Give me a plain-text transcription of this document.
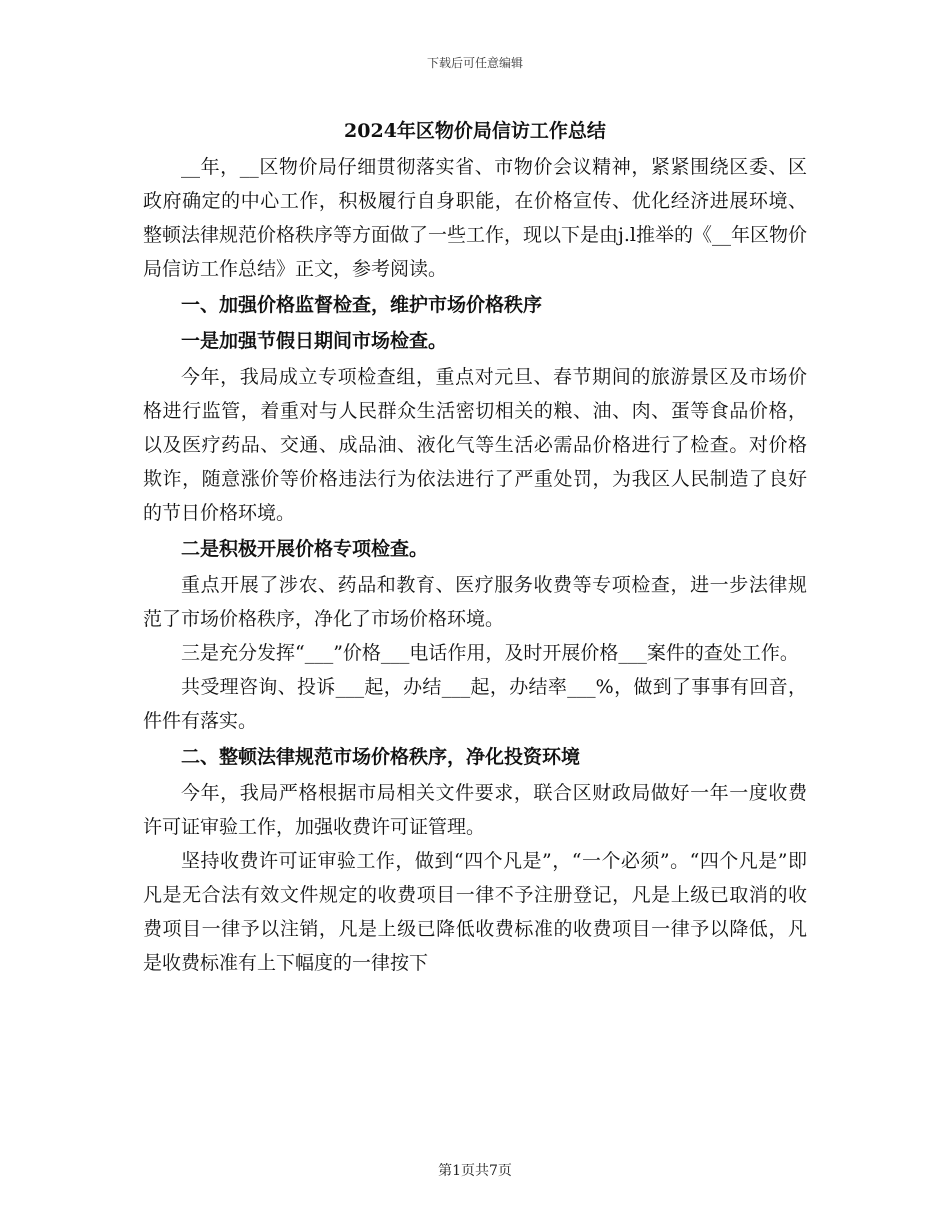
下载后可任意编辑
2024年区物价局信访工作总结

__年，__区物价局仔细贯彻落实省、市物价会议精神，紧紧围绕区委、区政府确定的中心工作，积极履行自身职能，在价格宣传、优化经济进展环境、整顿法律规范价格秩序等方面做了一些工作，现以下是由j.l推举的《__年区物价局信访工作总结》正文，参考阅读。

一、加强价格监督检查，维护市场价格秩序

一是加强节假日期间市场检查。

今年，我局成立专项检查组，重点对元旦、春节期间的旅游景区及市场价格进行监管，着重对与人民群众生活密切相关的粮、油、肉、蛋等食品价格，以及医疗药品、交通、成品油、液化气等生活必需品价格进行了检查。对价格欺诈，随意涨价等价格违法行为依法进行了严重处罚，为我区人民制造了良好的节日价格环境。

二是积极开展价格专项检查。

重点开展了涉农、药品和教育、医疗服务收费等专项检查，进一步法律规范了市场价格秩序，净化了市场价格环境。

三是充分发挥“___”价格___电话作用，及时开展价格___案件的查处工作。

共受理咨询、投诉___起，办结___起，办结率___%，做到了事事有回音，件件有落实。

二、整顿法律规范市场价格秩序，净化投资环境

今年，我局严格根据市局相关文件要求，联合区财政局做好一年一度收费许可证审验工作，加强收费许可证管理。

坚持收费许可证审验工作，做到“四个凡是”，“一个必须”。“四个凡是”即凡是无合法有效文件规定的收费项目一律不予注册登记，凡是上级已取消的收费项目一律予以注销，凡是上级已降低收费标准的收费项目一律予以降低，凡是收费标准有上下幅度的一律按下

第1页共7页
